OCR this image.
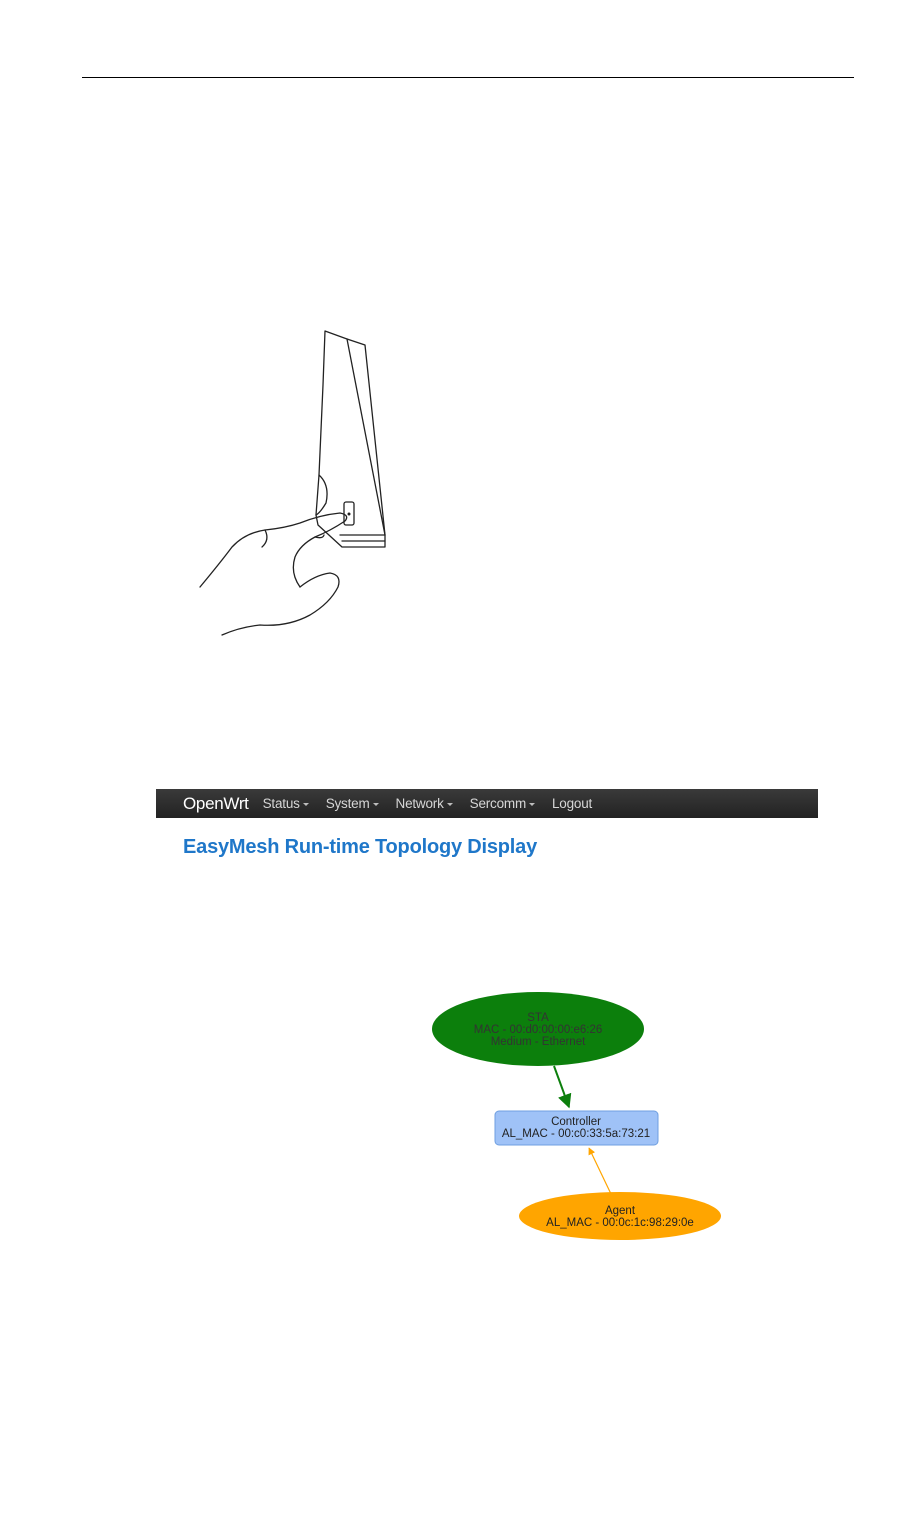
OpenWrt Status System Network Sercomm Logout
EasyMesh Run-time Topology Display
STA
MAC - 00:d0:00:00:e6:26
Medium - Ethernet
Controller
AL_MAC - 00:c0:33:5a:73:21
Agent
AL_MAC - 00:0c:1c:98:29:0e
